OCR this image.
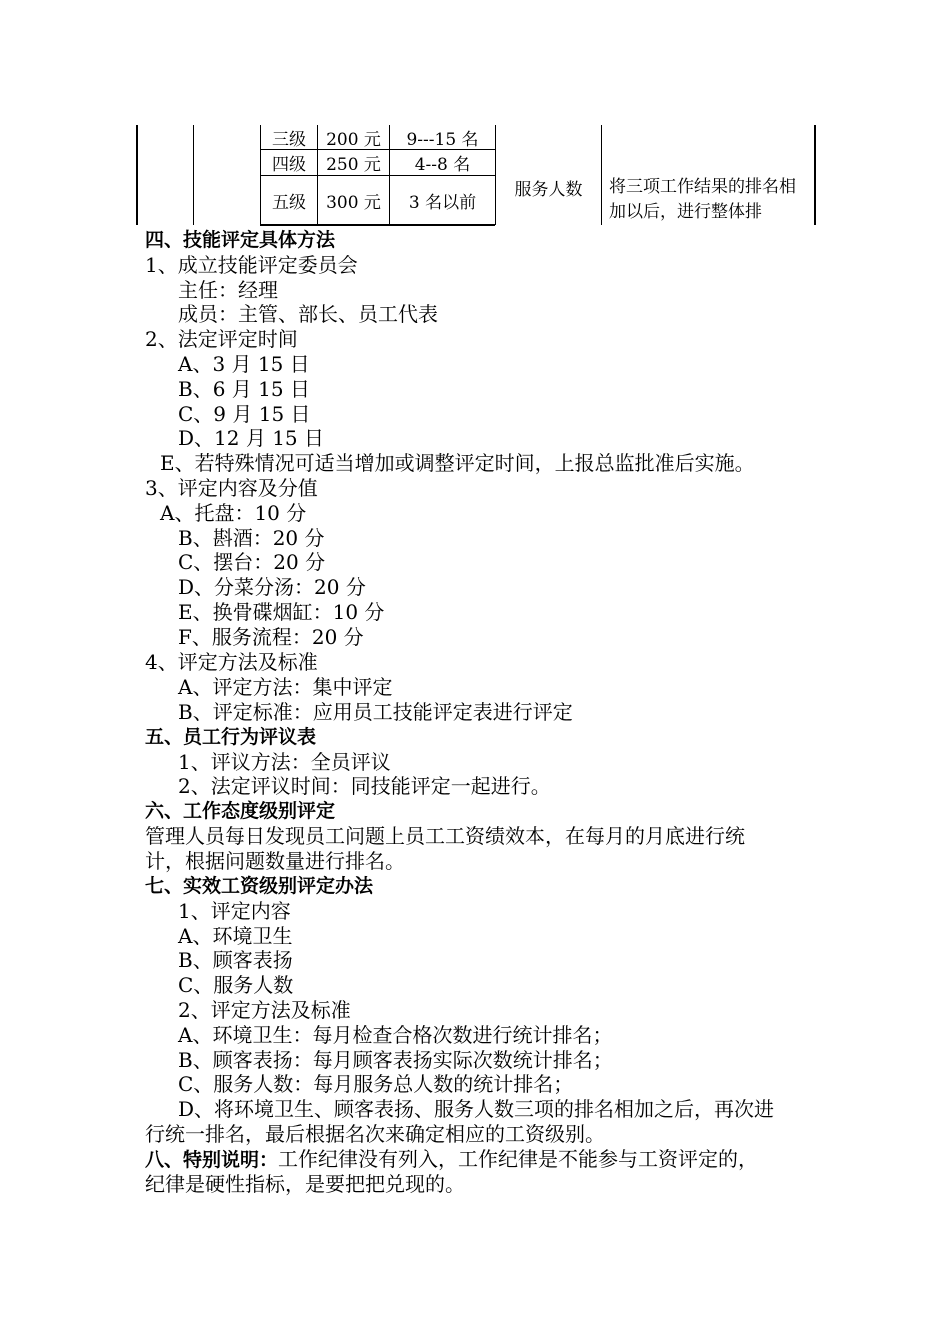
三级	200 元	9---15 名
四级	250 元	4--8 名
五级	300 元	3 名以前
服务人数	将三项工作结果的排名相加以后，进行整体排
四、技能评定具体方法
1、成立技能评定委员会
主任：经理
成员：主管、部长、员工代表
2、法定评定时间
A、3 月 15 日
B、6 月 15 日
C、9 月 15 日
D、12 月 15 日
E、若特殊情况可适当增加或调整评定时间，上报总监批准后实施。
3、评定内容及分值
A、托盘：10 分
B、斟酒：20 分
C、摆台：20 分
D、分菜分汤：20 分
E、换骨碟烟缸：10 分
F、服务流程：20 分
4、评定方法及标准
A、评定方法：集中评定
B、评定标准：应用员工技能评定表进行评定
五、员工行为评议表
1、评议方法：全员评议
2、法定评议时间：同技能评定一起进行。
六、工作态度级别评定
管理人员每日发现员工问题上员工工资绩效本，在每月的月底进行统
计，根据问题数量进行排名。
七、实效工资级别评定办法
1、评定内容
A、环境卫生
B、顾客表扬
C、服务人数
2、评定方法及标准
A、环境卫生：每月检查合格次数进行统计排名；
B、顾客表扬：每月顾客表扬实际次数统计排名；
C、服务人数：每月服务总人数的统计排名；
D、将环境卫生、顾客表扬、服务人数三项的排名相加之后，再次进
行统一排名，最后根据名次来确定相应的工资级别。
八、特别说明：工作纪律没有列入，工作纪律是不能参与工资评定的，
纪律是硬性指标，是要把把兑现的。
